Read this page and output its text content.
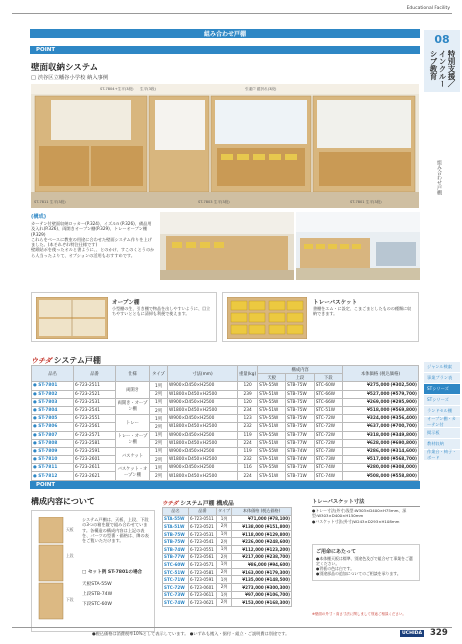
Educational Facility
08
特別支援／インクルーシブ教育
組み合わせ戸棚
組み合わせ戸棚
POINT
壁面収納システム
□ 渋谷区立幡谷小学校 納入事例
ST-7804+生平(3段) 生平(3段)	引違戸 縦折れ(3段)
ST-7811 生平(3段)	ST-7803 生平(3段)	ST-7801 生平(3段)
(構成)
カーテン付壁面収納ロッカー(P.324)、イズルn (P.326)、備品用及入れ(P.326)、両開きオープン棚(P.329)、トレーオープン棚(P.329)
これらをベースに教室の用途に合わせた壁面システム作りを上げました。(本それぞれ特注仕様です)
壁紙貼ポを使ったオルと書ように、、とのかけ、すこのくとうのから人当ったよりて、オプションの活用もおすすめです。
オープン棚
小型棚の生、引き棚で物品を出しやすいように、目立ちやすいとともに清掃も利便で使えます。
トレーバスケット
書棚をエム・に設定、こまごまとしたものの種類に収納できます。
ウチダ システム戸棚
品名	品番	仕様	タイプ	寸法(mm)	重量(kg)	構成内容			本体価格 (税込価格)
						天板	上段	下段	
● ST-7801	6-723-2511	両開き	1列	W900×D450×H2500	120	STA-55W	STB-75W	STC-60W	¥275,000(¥302,500)
● ST-7802	6-723-2521		2列	W1800×D450×H2500	239	STA-51W	STB-75W	STC-66W	¥527,000(¥579,700)
● ST-7803	6-723-2531	両開き・オープン棚	1列	W900×D450×H2500	120	STA-55W	STB-75W	STC-66W	¥269,000(¥295,900)
● ST-7804	6-723-2541		2列	W1800×D450×H2500	234	STA-51W	STB-75W	STC-51W	¥518,000(¥569,800)
● ST-7805	6-723-2551	トレー	1列	W900×D450×H2500	123	STA-55W	STB-75W	STC-72W	¥324,000(¥356,400)
● ST-7806	6-723-2561		2列	W1800×D450×H2500	232	STA-51W	STB-75W	STC-72W	¥637,000(¥700,700)
● ST-7807	6-723-2571	トレー・オープン棚	1列	W900×D450×H2500	119	STA-55W	STB-77W	STC-72W	¥318,000(¥349,800)
● ST-7808	6-723-2581		2列	W1800×D450×H2500	224	STA-51W	STB-77W	STC-72W	¥628,000(¥690,800)
● ST-7809	6-723-2591	バスケット	1列	W900×D450×H2500	119	STA-55W	STB-74W	STC-73W	¥286,000(¥314,600)
● ST-7810	6-723-2601		2列	W1800×D450×H2500	232	STA-51W	STB-74W	STC-73W	¥517,000(¥568,700)
● ST-7811	6-723-2611	バスケット・オープン棚	1列	W900×D450×H2500	116	STA-55W	STB-71W	STC-74W	¥280,000(¥308,000)
● ST-7812	6-723-2621		2列	W1800×D450×H2500	224	STA-51W	STB-71W	STC-74W	¥508,000(¥558,800)
POINT
構成内容について
天板
上段
下段
システム戸棚は、天板、上段、下段の3つの箱を縦で組み合わせています。各構造の構成内容は上記の表を、パーツの型番・価格は、隣の表をご覧いただけます。
□ セット例 ST-7801の場合
天板STA-55W
上段STB-74W
下段STC-60W
ウチダ システム戸棚 構成品
品名	品番	タイプ	本体価格 (税込価格)
STA-55W	6-723-0511	1列	¥71,000(¥78,100)
STA-51W	6-723-0521	2列	¥138,000(¥151,800)
STB-75W	6-723-0531	1列	¥118,000(¥129,800)
STB-75W	6-723-0541	2列	¥226,000(¥248,600)
STB-74W	6-723-0551	1列	¥112,000(¥123,200)
STB-77W	6-723-0561	2列	¥217,000(¥238,700)
STC-60W	6-723-0571	1列	¥86,000(¥94,600)
STC-51W	6-723-0581	2列	¥163,000(¥179,300)
STC-71W	6-723-0591	1列	¥135,000(¥148,500)
STC-72W	6-723-0601	2列	¥273,000(¥300,300)
STC-73W	6-723-0611	1列	¥97,000(¥106,700)
STC-74W	6-723-0621	2列	¥153,000(¥168,300)
トレーバスケット寸法
●トレー寸法(外寸)浅型:W303×D400×H75mm、深型:W303×D400×H150mm
●バスケット寸法(外寸)W243×D293×H108mm
ご用命にあたって
●本体棚天板は標準、別途色及びで組合せて事業をご選定ください。
●背板の色は白です。
●別途部品の追加についてのご相談を承ります。
※壁面の外寸・高さ寸法に関しまして別途ご相談ください。
ジャンル検索
事業プラン表
STシリーズ
STシリーズ
ランドセル棚
オープン棚・カーテン付
掲示板
教材収納
作業台・椅子・ボード
●税込価格は消費税率10%として表示しています。 ●いずれも搬入・据付・組立・ご説明費は別途です。	UCHIDA 329
